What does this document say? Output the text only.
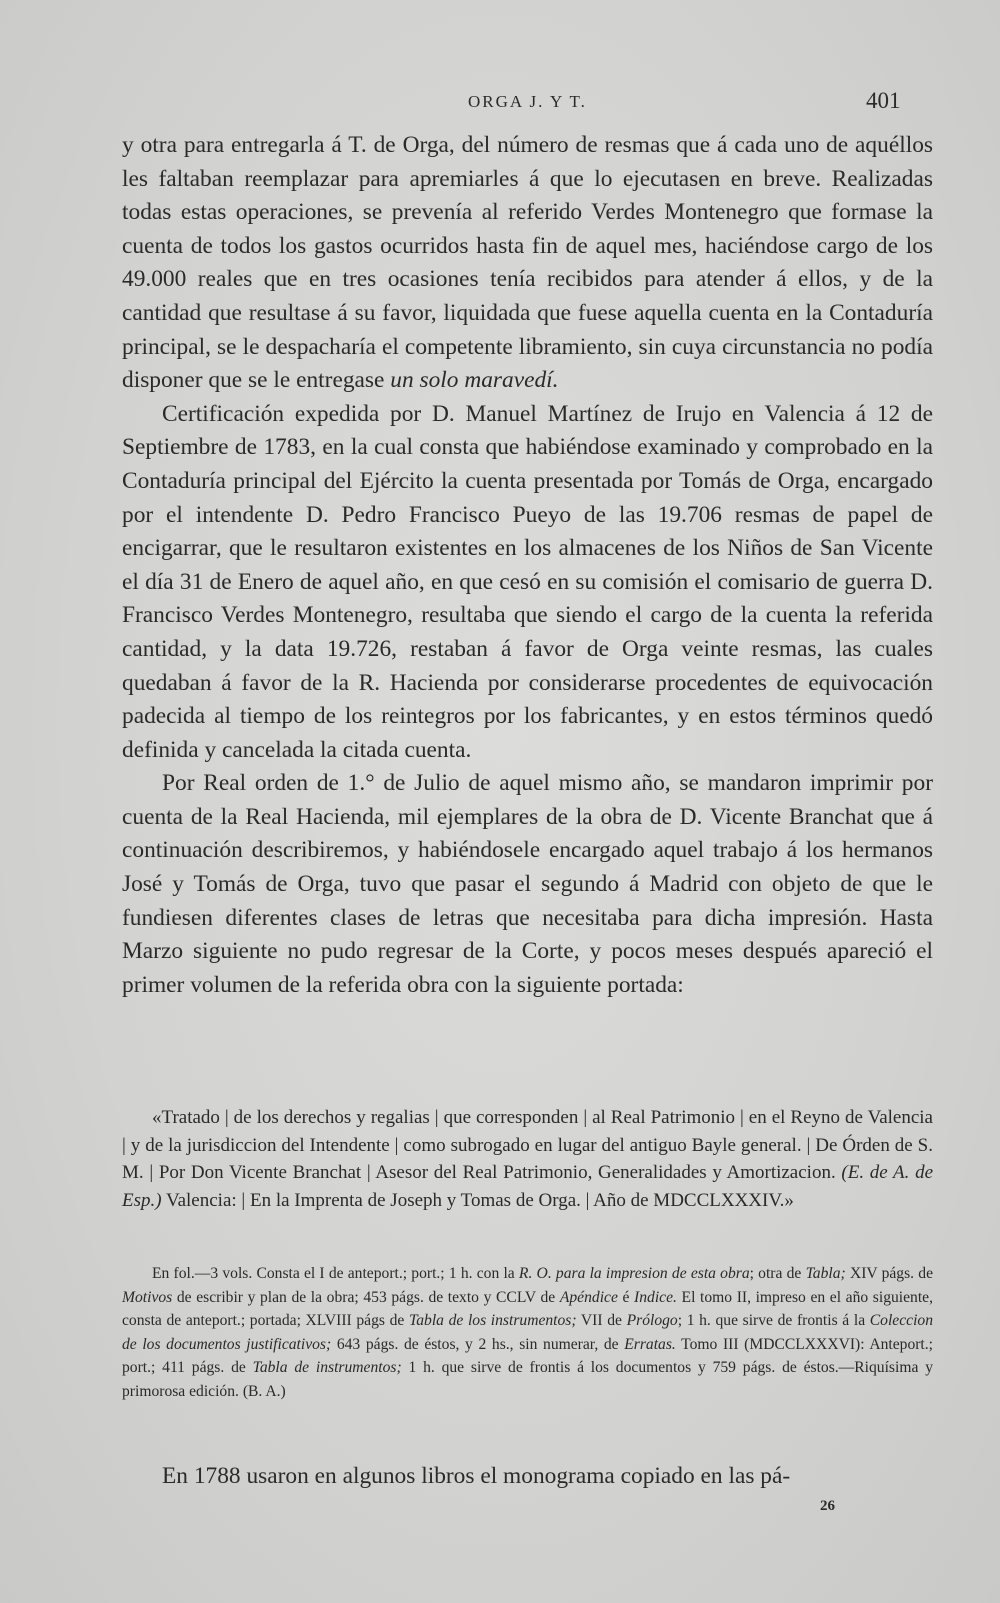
ORGA J. Y T.	401

y otra para entregarla á T. de Orga, del número de resmas que á cada uno de aquéllos les faltaban reemplazar para apremiarles á que lo ejecutasen en breve. Realizadas todas estas operaciones, se prevenía al referido Verdes Montenegro que formase la cuenta de todos los gastos ocurridos hasta fin de aquel mes, haciéndose cargo de los 49.000 reales que en tres ocasiones tenía recibidos para atender á ellos, y de la cantidad que resultase á su favor, liquidada que fuese aquella cuenta en la Contaduría principal, se le despacharía el competente libramiento, sin cuya circunstancia no podía disponer que se le entregase un solo maravedí.

Certificación expedida por D. Manuel Martínez de Irujo en Valencia á 12 de Septiembre de 1783, en la cual consta que habiéndose examinado y comprobado en la Contaduría principal del Ejército la cuenta presentada por Tomás de Orga, encargado por el intendente D. Pedro Francisco Pueyo de las 19.706 resmas de papel de encigarrar, que le resultaron existentes en los almacenes de los Niños de San Vicente el día 31 de Enero de aquel año, en que cesó en su comisión el comisario de guerra D. Francisco Verdes Montenegro, resultaba que siendo el cargo de la cuenta la referida cantidad, y la data 19.726, restaban á favor de Orga veinte resmas, las cuales quedaban á favor de la R. Hacienda por considerarse procedentes de equivocación padecida al tiempo de los reintegros por los fabricantes, y en estos términos quedó definida y cancelada la citada cuenta.

Por Real orden de 1.° de Julio de aquel mismo año, se mandaron imprimir por cuenta de la Real Hacienda, mil ejemplares de la obra de D. Vicente Branchat que á continuación describiremos, y habiéndosele encargado aquel trabajo á los hermanos José y Tomás de Orga, tuvo que pasar el segundo á Madrid con objeto de que le fundiesen diferentes clases de letras que necesitaba para dicha impresión. Hasta Marzo siguiente no pudo regresar de la Corte, y pocos meses después apareció el primer volumen de la referida obra con la siguiente portada:

«Tratado | de los derechos y regalias | que corresponden | al Real Patrimonio | en el Reyno de Valencia | y de la jurisdiccion del Intendente | como subrogado en lugar del antiguo Bayle general. | De Órden de S. M. | Por Don Vicente Branchat | Asesor del Real Patrimonio, Generalidades y Amortizacion. (E. de A. de Esp.) Valencia: | En la Imprenta de Joseph y Tomas de Orga. | Año de MDCCLXXXIV.»
En fol.—3 vols. Consta el I de anteport.; port.; 1 h. con la R. O. para la impresion de esta obra; otra de Tabla; XIV págs. de Motivos de escribir y plan de la obra; 453 págs. de texto y CCLV de Apéndice é Indice. El tomo II, impreso en el año siguiente, consta de anteport.; portada; XLVIII págs de Tabla de los instrumentos; VII de Prólogo; 1 h. que sirve de frontis á la Coleccion de los documentos justificativos; 643 págs. de éstos, y 2 hs., sin numerar, de Erratas. Tomo III (MDCCLXXXVI): Anteport.; port.; 411 págs. de Tabla de instrumentos; 1 h. que sirve de frontis á los documentos y 759 págs. de éstos.—Riquísima y primorosa edición. (B. A.)
En 1788 usaron en algunos libros el monograma copiado en las pá-
26
